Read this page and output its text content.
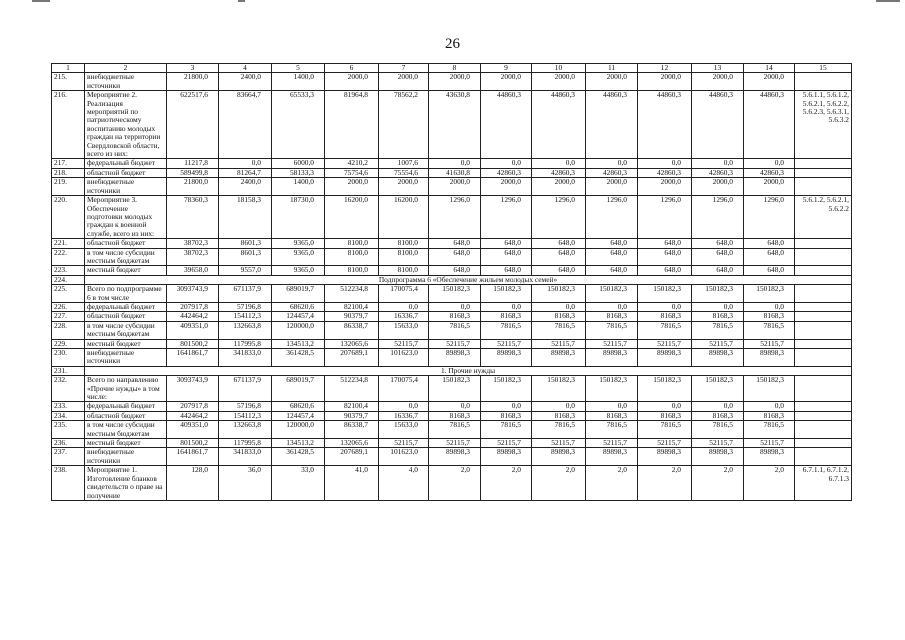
26
1	2	3	4	5	6	7	8	9	10	11	12	13	14	15
215.	внебюджетные источники	21800,0	2400,0	1400,0	2000,0	2000,0	2000,0	2000,0	2000,0	2000,0	2000,0	2000,0	2000,0	
216.	Мероприятие 2. Реализация мероприятий по патриотическому воспитанию молодых граждан на территории Свердловской области, всего из них:	622517,6	83664,7	65533,3	81964,8	78562,2	43630,8	44860,3	44860,3	44860,3	44860,3	44860,3	44860,3	5.6.1.1, 5.6.1.2, 5.6.2.1, 5.6.2.2, 5.6.2.3, 5.6.3.1, 5.6.3.2
217.	федеральный бюджет	11217,8	0,0	6000,0	4210,2	1007,6	0,0	0,0	0,0	0,0	0,0	0,0	0,0	
218.	областной бюджет	589499,8	81264,7	58133,3	75754,6	75554,6	41630,8	42860,3	42860,3	42860,3	42860,3	42860,3	42860,3	
219.	внебюджетные источники	21800,0	2400,0	1400,0	2000,0	2000,0	2000,0	2000,0	2000,0	2000,0	2000,0	2000,0	2000,0	
220.	Мероприятие 3. Обеспечение подготовки молодых граждан к военной службе, всего из них:	78360,3	18158,3	18730,0	16200,0	16200,0	1296,0	1296,0	1296,0	1296,0	1296,0	1296,0	1296,0	5.6.1.2, 5.6.2.1, 5.6.2.2
221.	областной бюджет	38702,3	8601,3	9365,0	8100,0	8100,0	648,0	648,0	648,0	648,0	648,0	648,0	648,0	
222.	в том числе субсидии местным бюджетам	38702,3	8601,3	9365,0	8100,0	8100,0	648,0	648,0	648,0	648,0	648,0	648,0	648,0	
223.	местный бюджет	39658,0	9557,0	9365,0	8100,0	8100,0	648,0	648,0	648,0	648,0	648,0	648,0	648,0	
224.	Подпрограмма 6 «Обеспечение жильем молодых семей»													
225.	Всего по подпрограмме 6 в том числе	3093743,9	671137,9	689019,7	512234,8	170075,4	150182,3	150182,3	150182,3	150182,3	150182,3	150182,3	150182,3	
226.	федеральный бюджет	207917,8	57196,8	68620,6	82100,4	0,0	0,0	0,0	0,0	0,0	0,0	0,0	0,0	
227.	областной бюджет	442464,2	154112,3	124457,4	90379,7	16336,7	8168,3	8168,3	8168,3	8168,3	8168,3	8168,3	8168,3	
228.	в том числе субсидии местным бюджетам	409351,0	132663,8	120000,0	86338,7	15633,0	7816,5	7816,5	7816,5	7816,5	7816,5	7816,5	7816,5	
229.	местный бюджет	801500,2	117995,8	134513,2	132065,6	52115,7	52115,7	52115,7	52115,7	52115,7	52115,7	52115,7	52115,7	
230.	внебюджетные источники	1641861,7	341833,0	361428,5	207689,1	101623,0	89898,3	89898,3	89898,3	89898,3	89898,3	89898,3	89898,3	
231.	1. Прочие нужды													
232.	Всего по направлению «Прочие нужды» в том числе:	3093743,9	671137,9	689019,7	512234,8	170075,4	150182,3	150182,3	150182,3	150182,3	150182,3	150182,3	150182,3	
233.	федеральный бюджет	207917,8	57196,8	68620,6	82100,4	0,0	0,0	0,0	0,0	0,0	0,0	0,0	0,0	
234.	областной бюджет	442464,2	154112,3	124457,4	90379,7	16336,7	8168,3	8168,3	8168,3	8168,3	8168,3	8168,3	8168,3	
235.	в том числе субсидии местным бюджетам	409351,0	132663,8	120000,0	86338,7	15633,0	7816,5	7816,5	7816,5	7816,5	7816,5	7816,5	7816,5	
236.	местный бюджет	801500,2	117995,8	134513,2	132065,6	52115,7	52115,7	52115,7	52115,7	52115,7	52115,7	52115,7	52115,7	
237.	внебюджетные источники	1641861,7	341833,0	361428,5	207689,1	101623,0	89898,3	89898,3	89898,3	89898,3	89898,3	89898,3	89898,3	
238.	Мероприятие 1. Изготовление бланков свидетельств о праве на получение	128,0	36,0	33,0	41,0	4,0	2,0	2,0	2,0	2,0	2,0	2,0	2,0	6.7.1.1, 6.7.1.2, 6.7.1.3
